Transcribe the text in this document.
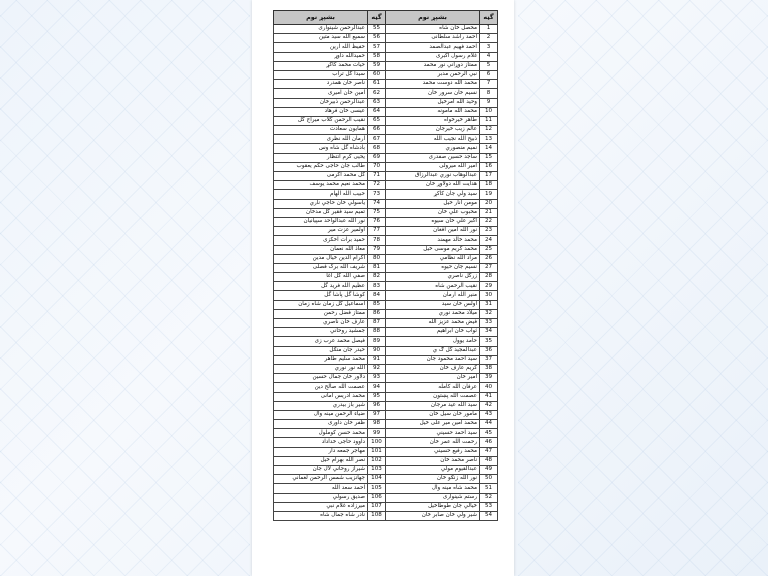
گڼه	بشپړ نوم	گڼه	بشپړ نوم
1	محصل خان شاه	55	عبدالرحمن شینواری
2	احمد راشد سلطانی	56	سمیع الله سید متین
3	احمد فهیم عبدالصمد	57	حفیظ الله ارین
4	غلام رسول اکبری	58	حمیدالله داوړ
5	ممتاز دوړاني نور محمد	59	حیات محمد کاکړ
6	نبي الرحمن مدبر	60	سیدا گل تراب
7	محمد الله دوست محمد	61	ناصر خان همدرد
8	نسیم خان سرور خان	62	امین خان امیری
9	وحید الله امرخیل	63	عبدالرحمن ذبیرخان
10	محمد الله مامونه	64	عیسی خان فرهاد
11	طاهر خیرخواه	65	نقیب الرحمن گلاب میراج گل
12	عالم زیب خیرجان	66	همایون سعادت
13	ذبیح الله نجیب الله	67	ارمان الله نظری
14	نمیم منصوري	68	بادشاه گل شاه وس
15	ساجد حسین صفدری	69	یحیی کرم انتظار
16	امیر الله میرولی	70	طالب جان حاجی حکم یعقوب
17	عبدالوهاب نوري عبدالرزاق	71	گل محمد اکرمی
18	هدایت الله دولاوړ خان	72	محمد نعیم محمد یوسف
19	سید ولي جان کاکړ	73	حبیب الله الهام
20	مومن انار خیل	74	یاسولي خان حاجي ناري
21	محبوب علي خان	75	تمیم سید فقیر گل مدخان
22	اکبر علي خان سیوه	76	نور الله عبدالواحد سپیانیان
23	نور الله امین افغان	77	اولمیر عزت میر
24	محمد خالد مهمند	78	حمید برات اخکزی
25	محمد کریم موسی خیل	79	معاذ الله نعمان
26	مراد الله نظامي	80	اکرام الدین خیال مدین
27	نسیم جان حیوه	81	شریف الله برگ فصلی
28	زرگل ناصري	82	صفي الله گل اغا
29	نقیب الرحمن شاه	83	عظیم الله فرید گل
30	منیر الله ارمان	84	کوشا گل پاشا گل
31	اولس خان سید	85	اسماعیل گل زمان شاه زمان
32	میلاد محمد نوري	86	ممتاز فضل رحمن
33	فیض محمد عزیز الله	87	عارف خان ناصري
34	ثواب خان ابراهیم	88	جمشید روحاني
35	حامد یوول	89	فیصل محمد عرب زی
36	عبدالمجید گل ګ ي	90	حیدر جان منګل
37	سید احمد محمود جان	91	محمد سلیم طاهر
38	کریم عارف خان	92	الله نور نوري
39	امیر خان	93	دلاور خان جمال حسین
40	عرفان الله کامله	94	عصمت الله صالح دین
41	عصمت الله پښتون	95	محمد ادریس امانی
42	سید الله عید مرجان	96	شیر باز بیدري
43	مامور خان سیل خان	97	ضیاء الرحمن مینه وال
44	محمد امین میر علی خیل	98	ظفر خان داوری
45	سید احمد حسیني	99	محمد حسن کوملول
46	رحمت الله عمر خان	100	داوود حاجی خداداد
47	محمد رفیع حسیني	101	مهاجر جمعه دار
48	ناصر محمد خان	102	نصر الله بهرام خیل
49	عبدالقیوم مولي	103	شیراز روحاني لال جان
50	نور الله زنګو خان	104	جهانزیب شمس الرحمن لغماني
51	محمد شاه مینه وال	105	احمد سعد الله
52	رستم شینواری	106	صدیق رسولي
53	خیالي جان طوطاخیل	107	میرزاده غلام نبي
54	شیر ولي خان صابر خان	108	نادر شاه جمال شاه
